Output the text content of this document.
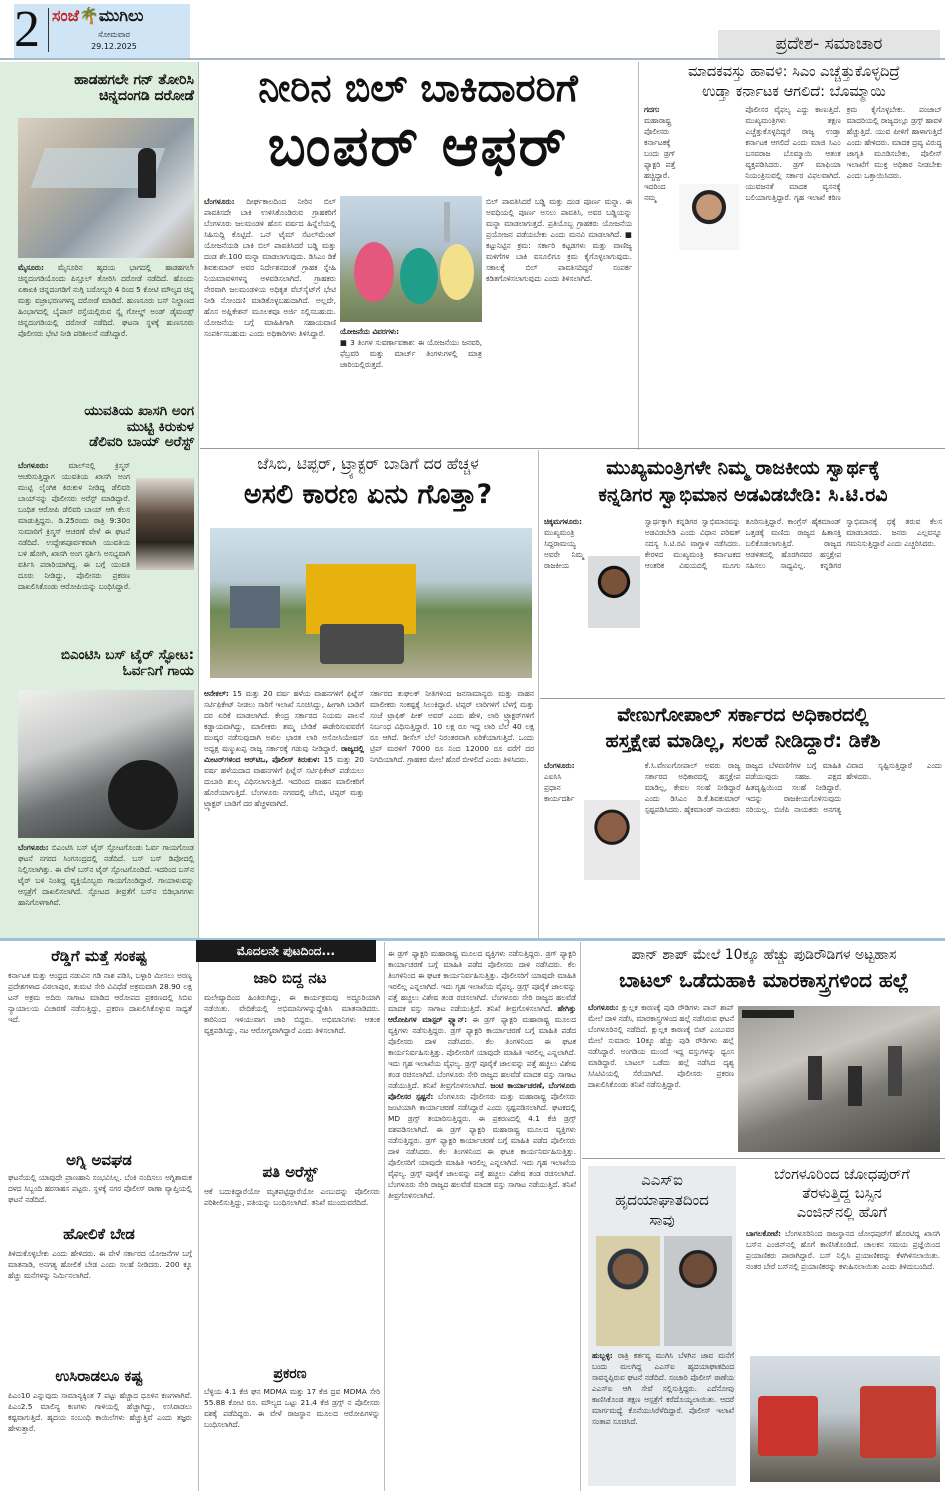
2 ಸಂಜೆ🌴ಮುಗಿಲು
ಸೋಮವಾರ
29.12.2025	ಪ್ರದೇಶ- ಸಮಾಚಾರ
ಹಾಡಹಗಲೇ ಗನ್ ತೋರಿಸಿ
ಚಿನ್ನದಂಗಡಿ ದರೋಡೆ
ಮೈಸೂರು: ಮೈಸೂರಿನ ಹೃದಯ ಭಾಗದಲ್ಲಿ ಹಾಡಹಗಲೇ ಚಿನ್ನದಂಗಡಿಯೊಂದು ಪಿಸ್ತೂಲ್ ತೋರಿಸಿ ದರೋಡೆ ನಡೆದಿದೆ. ಹೊಂದು ಏಕಾಏಕಿ ಚಿನ್ನದಂಗಡಿಗೆ ನುಗ್ಗಿ ಬರೋಬ್ಬರಿ 4 ರಿಂದ 5 ಕೋಟಿ ಮೌಲ್ಯದ ಚಿನ್ನ ಮತ್ತು ವಜ್ರಾಭರಣಗಳನ್ನ ದರೋಡೆ ಮಾಡಿದೆ. ಹುಣಸೂರು ಬಸ್ ನಿಲ್ದಾಣದ ಹಿಂಭಾಗದಲ್ಲಿ ಬೈಪಾಸ್ ರಸ್ತೆಯಲ್ಲಿರುವ ಸ್ಕೈ ಗೋಲ್ಡ್ ಅಂಡ್ ಡೈಮಂಡ್ಸ್ ಚಿನ್ನದಂಗಡಿಯಲ್ಲಿ ದರೋಡೆ ನಡೆದಿದೆ. ಘಟನಾ ಸ್ಥಳಕ್ಕೆ ಹುಣಸೂರು ಪೊಲೀಸರು ಭೇಟಿ ನೀಡಿ ಪರಿಶೀಲನೆ ನಡೆಸಿದ್ದಾರೆ.
ಯುವತಿಯ ಖಾಸಗಿ ಅಂಗ
ಮುಟ್ಟಿ ಕಿರುಕುಳ
ಡೆಲಿವರಿ ಬಾಯ್ ಅರೆಸ್ಟ್
ಬೆಂಗಳೂರು:	ಮಾಲ್‌ನಲ್ಲಿ ಕ್ರಿಸ್ಮಸ್ ಆಚರಿಸುತ್ತಿದ್ದಾಗ ಯುವತಿಯ ಖಾಸಗಿ ಅಂಗ ಮುಟ್ಟಿ ಲೈಂಗಿಕ ಕಿರುಕುಳ ನೀಡಿದ್ದ ಡೆಲಿವರಿ ಬಾಯ್‌ನನ್ನು ಪೊಲೀಸರು ಅರೆಸ್ಟ್ ಮಾಡಿದ್ದಾರೆ. ಬಂಧಿತ ಆರೋಪಿ ಡೆಲಿವರಿ ಬಾಯ್ ಆಗಿ ಕೆಲಸ ಮಾಡುತ್ತಿದ್ದನು. ಡಿ.25ರಂದು ರಾತ್ರಿ 9:30ರ ಸುಮಾರಿಗೆ ಕ್ರಿಸ್ಮಸ್ ಆಚರಣೆ ವೇಳೆ ಈ ಘಟನೆ ನಡೆದಿದೆ. ಉದ್ದೇಶಪೂರ್ವಕವಾಗಿ ಯುವತಿಯ ಬಳಿ ಹೋಗಿ, ಖಾಸಗಿ ಅಂಗ ಸ್ಪರ್ಶಿಸಿ ಅಸಭ್ಯವಾಗಿ ವರ್ತಿಸಿ ಪರಾರಿಯಾಗಿದ್ದ. ಈ ಬಗ್ಗೆ ಯುವತಿ ದೂರು ನೀಡಿದ್ದು, ಪೊಲೀಸರು ಪ್ರಕರಣ ದಾಖಲಿಸಿಕೊಂಡು ಆರೋಪಿಯನ್ನು ಬಂಧಿಸಿದ್ದಾರೆ.
ಬಿಎಂಟಿಸಿ ಬಸ್ ಟೈರ್ ಸ್ಫೋಟ:
ಓರ್ವನಿಗೆ ಗಾಯ
ಬೆಂಗಳೂರು: ಬಿಎಂಟಿಸಿ ಬಸ್ ಟೈರ್ ಸ್ಫೋಟಗೊಂಡು ಓರ್ವ ಗಾಯಗೊಂಡ ಘಟನೆ ನಗರದ ಸಿಂಗಸಂದ್ರದಲ್ಲಿ ನಡೆದಿದೆ. ಬಸ್ ಬಸ್ ಡಿಪೋದಲ್ಲಿ ನಿಲ್ಲಿಸಲಾಗಿತ್ತು. ಈ ವೇಳೆ ಬಸ್‌ನ ಟೈರ್ ಸ್ಫೋಟಗೊಂಡಿದೆ. ಇದರಿಂದ ಬಸ್‌ನ ಟೈರ್ ಬಳಿ ನಿಂತಿದ್ದ ವ್ಯಕ್ತಿಯೊಬ್ಬರು ಗಾಯಗೊಂಡಿದ್ದಾರೆ. ಗಾಯಾಳುವನ್ನು ಆಸ್ಪತ್ರೆಗೆ ದಾಖಲಿಸಲಾಗಿದೆ. ಸ್ಫೋಟದ ತೀವ್ರತೆಗೆ ಬಸ್‌ನ ಬಿಡಿಭಾಗಗಳು ಹಾನಿಗೊಳಗಾಗಿವೆ.
ನೀರಿನ ಬಿಲ್ ಬಾಕಿದಾರರಿಗೆ
ಬಂಪರ್ ಆಫರ್
ಬೆಂಗಳೂರು: ದೀರ್ಘಕಾಲದಿಂದ ನೀರಿನ ಬಿಲ್ ಪಾವತಿಸದೇ ಬಾಕಿ ಉಳಿಸಿಕೊಂಡಿರುವ ಗ್ರಾಹಕರಿಗೆ ಬೆಂಗಳೂರು ಜಲಮಂಡಳಿ ಹೊಸ ವರ್ಷದ ಹಿನ್ನೆಲೆಯಲ್ಲಿ ಸಿಹಿಸುದ್ದಿ ಕೊಟ್ಟಿದೆ. ಒನ್ ಟೈಮ್ ಸೆಟಲ್‌ಮೆಂಟ್ ಯೋಜನೆಯಡಿ ಬಾಕಿ ಬಿಲ್ ಪಾವತಿಸಿದರೆ ಬಡ್ಡಿ ಮತ್ತು ದಂಡ ಶೇ.100 ಮನ್ನಾ ಮಾಡಲಾಗುವುದು. ಡಿಸಿಎಂ ಡಿಕೆ ಶಿವಕುಮಾರ್ ಅವರ ನಿರ್ದೇಶನದಂತೆ ಗ್ರಾಹಕ ಸ್ನೇಹಿ ನಿಯಮಾವಳಿಗಳನ್ನ ಅಳವಡಿಸಲಾಗಿದೆ. ಗ್ರಾಹಕರು ನೇರವಾಗಿ ಜಲಮಂಡಳಿಯ ಅಧಿಕೃತ ವೆಬ್‌ಸೈಟ್‌ಗೆ ಭೇಟಿ ನೀಡಿ ನೋಂದಣಿ ಮಾಡಿಕೊಳ್ಳಬಹುದಾಗಿದೆ. ಅಲ್ಲದೇ, ಹೊಸ ಅಪ್ಲಿಕೇಶನ್ ಮೂಲಕವೂ ಅರ್ಜಿ ಸಲ್ಲಿಸಬಹುದು. ಯೋಜನೆಯ ಬಗ್ಗೆ ಮಾಹಿತಿಗಾಗಿ ಸಹಾಯವಾಣಿ ಸಂಪರ್ಕಿಸಬಹುದು ಎಂದು ಅಧಿಕಾರಿಗಳು ತಿಳಿಸಿದ್ದಾರೆ.	ಯೋಜನೆಯ ವಿವರಗಳು:
■ 3 ತಿಂಗಳ ಸುವರ್ಣಾವಕಾಶ: ಈ ಯೋಜನೆಯು ಜನವರಿ, ಫೆಬ್ರವರಿ ಮತ್ತು ಮಾರ್ಚ್ ತಿಂಗಳುಗಳಲ್ಲಿ ಮಾತ್ರ ಜಾರಿಯಲ್ಲಿರುತ್ತದೆ.
ಬಿಲ್ ಪಾವತಿಸಿದರೆ ಬಡ್ಡಿ ಮತ್ತು ದಂಡ ಪೂರ್ಣ ಮನ್ನಾ. ಈ ಅವಧಿಯಲ್ಲಿ ಪೂರ್ಣ ಅಸಲು ಪಾವತಿಸಿ, ಅವರ ಬಡ್ಡಿಯನ್ನು ಮನ್ನಾ ಮಾಡಲಾಗುತ್ತದೆ. ಪ್ರತಿಯೊಬ್ಬ ಗ್ರಾಹಕರು ಯೋಜನೆಯ ಪ್ರಯೋಜನ ಪಡೆಯಬೇಕು ಎಂದು ಮನವಿ ಮಾಡಲಾಗಿದೆ. ■ ಕಟ್ಟುನಿಟ್ಟಿನ ಕ್ರಮ: ಸರ್ಕಾರಿ ಕಟ್ಟಡಗಳು ಮತ್ತು ವಾಣಿಜ್ಯ ಮಳಿಗೆಗಳ ಬಾಕಿ ವಸೂಲಿಗೂ ಕ್ರಮ ಕೈಗೊಳ್ಳಲಾಗುವುದು. ಸಕಾಲಕ್ಕೆ ಬಿಲ್ ಪಾವತಿಸದಿದ್ದರೆ ಸಂಪರ್ಕ ಕಡಿತಗೊಳಿಸಲಾಗುವುದು ಎಂದು ತಿಳಿಸಲಾಗಿದೆ.
ಮಾದಕವಸ್ತು ಹಾವಳಿ: ಸಿಎಂ ಎಚ್ಚೆತ್ತುಕೊಳ್ಳದಿದ್ರೆ
ಉಡ್ತಾ ಕರ್ನಾಟಕ ಆಗಲಿದೆ: ಬೊಮ್ಮಾಯಿ
ಗದಗ: ಮಹಾರಾಷ್ಟ್ರ ಪೊಲೀಸರು ಕರ್ನಾಟಕಕ್ಕೆ ಬಂದು ಡ್ರಗ್ ಫ್ಯಾಕ್ಟರಿ ಪತ್ತೆ ಹಚ್ಚಿದ್ದಾರೆ. ಇದರಿಂದ ನಮ್ಮ ಪೊಲೀಸರ ವೈಫಲ್ಯ ಎದ್ದು ಕಾಣುತ್ತಿದೆ. ಮುಖ್ಯಮಂತ್ರಿಗಳು ತಕ್ಷಣ ಎಚ್ಚೆತ್ತುಕೊಳ್ಳದಿದ್ದರೆ ರಾಜ್ಯ ಉಡ್ತಾ ಕರ್ನಾಟಕ ಆಗಲಿದೆ ಎಂದು ಮಾಜಿ ಸಿಎಂ ಬಸವರಾಜ ಬೊಮ್ಮಾಯಿ ಆತಂಕ ವ್ಯಕ್ತಪಡಿಸಿದರು. ಡ್ರಗ್ ಮಾಫಿಯಾ ನಿಯಂತ್ರಿಸುವಲ್ಲಿ ಸರ್ಕಾರ ವಿಫಲವಾಗಿದೆ. ಯುವಜನತೆ ಮಾದಕ ವ್ಯಸನಕ್ಕೆ ಬಲಿಯಾಗುತ್ತಿದ್ದಾರೆ. ಗೃಹ ಇಲಾಖೆ ಕಠಿಣ ಕ್ರಮ ಕೈಗೊಳ್ಳಬೇಕು. ಪಂಜಾಬ್ ಮಾದರಿಯಲ್ಲಿ ರಾಜ್ಯದಲ್ಲೂ ಡ್ರಗ್ಸ್ ಹಾವಳಿ ಹೆಚ್ಚುತ್ತಿದೆ. ಯುವ ಪೀಳಿಗೆ ಹಾಳಾಗುತ್ತಿದೆ ಎಂದು ಹೇಳಿದರು. ಮಾದಕ ದ್ರವ್ಯ ವಿರುದ್ಧ ಜಾಗೃತಿ ಮೂಡಿಸಬೇಕು, ಪೊಲೀಸ್ ಇಲಾಖೆಗೆ ಮುಕ್ತ ಅಧಿಕಾರ ನೀಡಬೇಕು ಎಂದು ಒತ್ತಾಯಿಸಿದರು.
ಜೆಸಿಬಿ, ಟಿಪ್ಪರ್, ಟ್ರ್ಯಾಕ್ಟರ್ ಬಾಡಿಗೆ ದರ ಹೆಚ್ಚಳ
ಅಸಲಿ ಕಾರಣ ಏನು ಗೊತ್ತಾ?
ಆನೇಕಲ್: 15 ಮತ್ತು 20 ವರ್ಷ ಹಳೆಯ ವಾಹನಗಳಿಗೆ ಫಿಟ್ನೆಸ್ ಸರ್ಟಿಫಿಕೇಟ್ ನೀಡಲು ಸಾರಿಗೆ ಇಲಾಖೆ ಸೂಚಿಸಿದ್ದು, ಹೀಗಾಗಿ ಬಾಡಿಗೆ ದರ ಏರಿಕೆ ಮಾಡಲಾಗಿದೆ. ಕೇಂದ್ರ ಸರ್ಕಾರದ ನಿಯಮ ಪಾಲನೆ ಕಡ್ಡಾಯವಾಗಿದ್ದು, ಮಾಲೀಕರು ತಮ್ಮ ಬೇಡಿಕೆ ಈಡೇರಿಸುವವರೆಗೆ ಮುಷ್ಕರ ನಡೆಸುವುದಾಗಿ ಅಖಿಲ ಭಾರತ ಲಾರಿ ಅಸೋಸಿಯೇಷನ್ ಅಧ್ಯಕ್ಷ ಷಣ್ಮುಖಪ್ಪ ರಾಜ್ಯ ಸರ್ಕಾರಕ್ಕೆ ಗಡುವು ನೀಡಿದ್ದಾರೆ. ರಾಜ್ಯದಲ್ಲಿ ಮೀಟರ್‌ಗಳಿಂದ ಆರ್‌ಟಿಒ, ಪೊಲೀಸ್ ಕಿರುಕುಳ: 15 ಮತ್ತು 20 ವರ್ಷ ಹಳೆಯದಾದ ವಾಹನಗಳಿಗೆ ಫಿಟ್ನೆಸ್ ಸರ್ಟಿಫಿಕೇಟ್ ಪಡೆಯಲು ದುಬಾರಿ ಶುಲ್ಕ ವಿಧಿಸಲಾಗುತ್ತಿದೆ. ಇದರಿಂದ ವಾಹನ ಮಾಲೀಕರಿಗೆ ಹೊರೆಯಾಗುತ್ತಿದೆ. ಬೆಂಗಳೂರು ನಗರದಲ್ಲಿ ಜೆಸಿಬಿ, ಟಿಪ್ಪರ್ ಮತ್ತು ಟ್ರ್ಯಾಕ್ಟರ್ ಬಾಡಿಗೆ ದರ ಹೆಚ್ಚಳವಾಗಿದೆ.
ಸರ್ಕಾರದ ತುಘಲಕ್ ನೀತಿಗಳಿಂದ ಜನಸಾಮಾನ್ಯರು ಮತ್ತು ವಾಹನ ಮಾಲೀಕರು ಸಂಕಷ್ಟಕ್ಕೆ ಸಿಲುಕಿದ್ದಾರೆ. ಟಿಪ್ಪರ್ ಲಾರಿಗಳಿಗೆ ಬೆಳಗ್ಗೆ ಮತ್ತು ಸಂಜೆ ಟ್ರಾಫಿಕ್ ಪೀಕ್ ಅವರ್ ಎಂದು ಹೇಳಿ, ಲಾರಿ ಟ್ರ್ಯಾಕ್ಟರ್‌ಗಳಿಗೆ ನಿರ್ಬಂಧ ವಿಧಿಸುತ್ತಿದ್ದಾರೆ. 10 ಲಕ್ಷ ರೂ ಇದ್ದ ಲಾರಿ ಬೆಲೆ 40 ಲಕ್ಷ ರೂ ಆಗಿದೆ. ಡೀಸೆಲ್ ಬೆಲೆ ನಿರಂತರವಾಗಿ ಏರಿಕೆಯಾಗುತ್ತಿದೆ. ಒಂದು ಟ್ರಿಪ್ ಮರಳಿಗೆ 7000 ರೂ ನಿಂದ 12000 ರೂ ವರೆಗೆ ದರ ನಿಗದಿಯಾಗಿದೆ. ಗ್ರಾಹಕರ ಮೇಲೆ ಹೊರೆ ಬೀಳಲಿದೆ ಎಂದು ತಿಳಿಸಿದರು.
ಮುಖ್ಯಮಂತ್ರಿಗಳೇ ನಿಮ್ಮ ರಾಜಕೀಯ ಸ್ವಾರ್ಥಕ್ಕೆ
ಕನ್ನಡಿಗರ ಸ್ವಾಭಿಮಾನ ಅಡವಿಡಬೇಡಿ: ಸಿ.ಟಿ.ರವಿ
ಚಿಕ್ಕಮಗಳೂರು: ಮುಖ್ಯಮಂತ್ರಿ ಸಿದ್ದರಾಮಯ್ಯ ಅವರೇ ನಿಮ್ಮ ರಾಜಕೀಯ ಸ್ವಾರ್ಥಕ್ಕಾಗಿ ಕನ್ನಡಿಗರ ಸ್ವಾಭಿಮಾನವನ್ನು ಅಡವಿಡಬೇಡಿ ಎಂದು ವಿಧಾನ ಪರಿಷತ್ ಸದಸ್ಯ ಸಿ.ಟಿ.ರವಿ ವಾಗ್ದಾಳಿ ನಡೆಸಿದರು. ಕೇರಳದ ಮುಖ್ಯಮಂತ್ರಿ ಕರ್ನಾಟಕದ ಆಂತರಿಕ ವಿಷಯದಲ್ಲಿ ಮೂಗು ತೂರಿಸುತ್ತಿದ್ದಾರೆ. ಕಾಂಗ್ರೆಸ್ ಹೈಕಮಾಂಡ್ ಒತ್ತಡಕ್ಕೆ ಮಣಿದು ರಾಜ್ಯದ ಹಿತಾಸಕ್ತಿ ಬಲಿಕೊಡಲಾಗುತ್ತಿದೆ. ರಾಜ್ಯದ ಆಡಳಿತದಲ್ಲಿ ಹೊರಗಿನವರ ಹಸ್ತಕ್ಷೇಪ ಸಹಿಸಲು ಸಾಧ್ಯವಿಲ್ಲ. ಕನ್ನಡಿಗರ ಸ್ವಾಭಿಮಾನಕ್ಕೆ ಧಕ್ಕೆ ತರುವ ಕೆಲಸ ಮಾಡಬಾರದು. ಜನರು ಎಲ್ಲವನ್ನೂ ಗಮನಿಸುತ್ತಿದ್ದಾರೆ ಎಂದು ಎಚ್ಚರಿಸಿದರು.
ವೇಣುಗೋಪಾಲ್ ಸರ್ಕಾರದ ಅಧಿಕಾರದಲ್ಲಿ
ಹಸ್ತಕ್ಷೇಪ ಮಾಡಿಲ್ಲ, ಸಲಹೆ ನೀಡಿದ್ದಾರೆ: ಡಿಕೆಶಿ
ಬೆಂಗಳೂರು: ಎಐಸಿಸಿ ಪ್ರಧಾನ ಕಾರ್ಯದರ್ಶಿ ಕೆ.ಸಿ.ವೇಣುಗೋಪಾಲ್ ಅವರು ರಾಜ್ಯ ಸರ್ಕಾರದ ಅಧಿಕಾರದಲ್ಲಿ ಹಸ್ತಕ್ಷೇಪ ಮಾಡಿಲ್ಲ, ಕೇವಲ ಸಲಹೆ ನೀಡಿದ್ದಾರೆ ಎಂದು ಡಿಸಿಎಂ ಡಿ.ಕೆ.ಶಿವಕುಮಾರ್ ಸ್ಪಷ್ಟಪಡಿಸಿದರು. ಹೈಕಮಾಂಡ್ ನಾಯಕರು ರಾಜ್ಯದ ಬೆಳವಣಿಗೆಗಳ ಬಗ್ಗೆ ಮಾಹಿತಿ ಪಡೆಯುವುದು ಸಹಜ. ಪಕ್ಷದ ಹಿತದೃಷ್ಟಿಯಿಂದ ಸಲಹೆ ನೀಡಿದ್ದಾರೆ. ಇದನ್ನು ರಾಜಕೀಯಗೊಳಿಸುವುದು ಸರಿಯಲ್ಲ. ಬಿಜೆಪಿ ನಾಯಕರು ಅನಗತ್ಯ ವಿವಾದ ಸೃಷ್ಟಿಸುತ್ತಿದ್ದಾರೆ ಎಂದು ಹೇಳಿದರು.
ರೆಡ್ಡಿಗೆ ಮತ್ತೆ ಸಂಕಷ್ಟ
ಕರ್ನಾಟಕ ಮತ್ತು ಆಂಧ್ರದ ನಡುವಿನ ಗಡಿ ನಾಶ ಪಡಿಸಿ, ಬಳ್ಳಾರಿ ಮೀಸಲು ಅರಣ್ಯ ಪ್ರದೇಶಗಳಾದ ವಿಠಲಾಪುರ, ತುಮಟಿ ಸೇರಿ ವಿವಿಧೆಡೆ ಅಕ್ರಮವಾಗಿ 28.90 ಲಕ್ಷ ಟನ್ ಅಕ್ರಮ ಅದಿರು ಸಾಗಾಟ ಮಾಡಿದ ಆರೋಪದ ಪ್ರಕರಣದಲ್ಲಿ ಸಿಬಿಐ ನ್ಯಾಯಾಲಯ ವಿಚಾರಣೆ ನಡೆಸುತ್ತಿದ್ದು, ಪ್ರಕರಣ ದಾಖಲಿಸಿಕೊಳ್ಳುವ ಸಾಧ್ಯತೆ ಇದೆ.
ಅಗ್ನಿ ಅವಘಡ
ಘಟನೆಯಲ್ಲಿ ಯಾವುದೇ ಪ್ರಾಣಹಾನಿ ಸಂಭವಿಸಿಲ್ಲ. ಬೆಂಕಿ ನಂದಿಸಲು ಅಗ್ನಿಶಾಮಕ ದಳದ ಸಿಬ್ಬಂದಿ ಹರಸಾಹಸ ಪಟ್ಟರು. ಸ್ಥಳಕ್ಕೆ ನಗರ ಪೊಲೀಸ್ ಠಾಣಾ ವ್ಯಾಪ್ತಿಯಲ್ಲಿ ಘಟನೆ ನಡೆದಿದೆ.
ಹೋಲಿಕೆ ಬೇಡ
ತಿಳಿದುಕೊಳ್ಳಬೇಕು ಎಂದು ಹೇಳಿದರು. ಈ ವೇಳೆ ಸರ್ಕಾರದ ಯೋಜನೆಗಳ ಬಗ್ಗೆ ಮಾತನಾಡಿ, ಅನಗತ್ಯ ಹೋಲಿಕೆ ಬೇಡ ಎಂದು ಸಲಹೆ ನೀಡಿದರು. 200 ಕ್ಕೂ ಹೆಚ್ಚು ಮನೆಗಳನ್ನು ನಿರ್ಮಿಸಲಾಗಿದೆ.
ಉಸಿರಾಡಲೂ ಕಷ್ಟ
ಪಿಎಂ10 ಎನ್ನುವುದು ಸಾಮಾನ್ಯಕ್ಕಿಂತ 7 ಪಟ್ಟು ಹೆಚ್ಚಾದ ಧೂಳಿನ ಕಣಗಳಾಗಿವೆ. ಪಿಎಂ2.5 ಮಾಲಿನ್ಯ ಕಣಗಳು ಗಾಳಿಯಲ್ಲಿ ಹೆಚ್ಚಾಗಿದ್ದು, ಉಸಿರಾಡಲು ಕಷ್ಟವಾಗುತ್ತಿದೆ. ಹೃದಯ ಸಂಬಂಧಿ ಕಾಯಿಲೆಗಳು ಹೆಚ್ಚುತ್ತಿವೆ ಎಂದು ತಜ್ಞರು ಹೇಳುತ್ತಾರೆ.
ಮೊದಲನೇ ಪುಟದಿಂದ...
ಜಾರಿ ಬಿದ್ದ ನಟ
ಮಲೇಷ್ಯಾದಿಂದ ಹಿಂತಿರುಗಿದ್ದು, ಈ ಕಾರ್ಯಕ್ರಮವು ಅದ್ದೂರಿಯಾಗಿ ನಡೆಯಿತು. ವೇದಿಕೆಯಲ್ಲಿ ಅಭಿಮಾನಿಗಳನ್ನುದ್ದೇಶಿಸಿ ಮಾತನಾಡಿದರು. ಕಾರಿನಿಂದ ಇಳಿಯುವಾಗ ಜಾರಿ ಬಿದ್ದರು. ಅಭಿಮಾನಿಗಳು ಆತಂಕ ವ್ಯಕ್ತಪಡಿಸಿದ್ದು, ನಟ ಆರೋಗ್ಯವಾಗಿದ್ದಾರೆ ಎಂದು ತಿಳಿಸಲಾಗಿದೆ.
ಪತಿ ಅರೆಸ್ಟ್
ಆಕೆ ಬದುಕಿದ್ದಾರೆಯೋ ಮೃತಪಟ್ಟಿದ್ದಾರೆಯೋ ಎಂಬುದನ್ನು ಪೊಲೀಸರು ಪರಿಶೀಲಿಸುತ್ತಿದ್ದು, ಪತಿಯನ್ನು ಬಂಧಿಸಲಾಗಿದೆ. ತನಿಖೆ ಮುಂದುವರೆದಿದೆ.
ಪ್ರಕರಣ
ಬೆಳ್ಳಿಯ 4.1 ಕೆಜಿ ಘನ MDMA ಮತ್ತು 17 ಕೆಜಿ ದ್ರವ MDMA ಸೇರಿ 55.88 ಕೋಟಿ ರೂ. ಮೌಲ್ಯದ ಒಟ್ಟು 21.4 ಕೆಜಿ ಡ್ರಗ್ಸ್ ನ ಪೊಲೀಸರು ವಶಕ್ಕೆ ಪಡೆದಿದ್ದರು. ಈ ವೇಳೆ ರಾಜಸ್ಥಾನ ಮೂಲದ ಆರೋಪಿಗಳನ್ನು ಬಂಧಿಸಲಾಗಿದೆ.
ಈ ಡ್ರಗ್ ಫ್ಯಾಕ್ಟರಿ ಮಹಾರಾಷ್ಟ್ರ ಮೂಲದ ವ್ಯಕ್ತಿಗಳು ನಡೆಸುತ್ತಿದ್ದರು. ಡ್ರಗ್ ಫ್ಯಾಕ್ಟರಿ ಕಾರ್ಯಾಚರಣೆ ಬಗ್ಗೆ ಮಾಹಿತಿ ಪಡೆದ ಪೊಲೀಸರು ದಾಳಿ ನಡೆಸಿದರು. ಕೆಲ ತಿಂಗಳಿನಿಂದ ಈ ಘಟಕ ಕಾರ್ಯನಿರ್ವಹಿಸುತ್ತಿತ್ತು. ಪೊಲೀಸರಿಗೆ ಯಾವುದೇ ಮಾಹಿತಿ ಇರಲಿಲ್ಲ ಎನ್ನಲಾಗಿದೆ. ಇದು ಗೃಹ ಇಲಾಖೆಯ ವೈಫಲ್ಯ. ಡ್ರಗ್ಸ್ ಪೂರೈಕೆ ಜಾಲವನ್ನು ಪತ್ತೆ ಹಚ್ಚಲು ವಿಶೇಷ ತಂಡ ರಚಿಸಲಾಗಿದೆ. ಬೆಂಗಳೂರು ಸೇರಿ ರಾಜ್ಯದ ಹಲವೆಡೆ ಮಾದಕ ವಸ್ತು ಸಾಗಾಟ ನಡೆಯುತ್ತಿದೆ. ತನಿಖೆ ತೀವ್ರಗೊಳಿಸಲಾಗಿದೆ. ಹೇಗಿತ್ತು ಆರೋಪಿಗಳ ಮಾಸ್ಟರ್ ಪ್ಲ್ಯಾನ್: ಈ ಡ್ರಗ್ ಫ್ಯಾಕ್ಟರಿ ಮಹಾರಾಷ್ಟ್ರ ಮೂಲದ ವ್ಯಕ್ತಿಗಳು ನಡೆಸುತ್ತಿದ್ದರು. ಡ್ರಗ್ ಫ್ಯಾಕ್ಟರಿ ಕಾರ್ಯಾಚರಣೆ ಬಗ್ಗೆ ಮಾಹಿತಿ ಪಡೆದ ಪೊಲೀಸರು ದಾಳಿ ನಡೆಸಿದರು. ಕೆಲ ತಿಂಗಳಿನಿಂದ ಈ ಘಟಕ ಕಾರ್ಯನಿರ್ವಹಿಸುತ್ತಿತ್ತು. ಪೊಲೀಸರಿಗೆ ಯಾವುದೇ ಮಾಹಿತಿ ಇರಲಿಲ್ಲ ಎನ್ನಲಾಗಿದೆ. ಇದು ಗೃಹ ಇಲಾಖೆಯ ವೈಫಲ್ಯ. ಡ್ರಗ್ಸ್ ಪೂರೈಕೆ ಜಾಲವನ್ನು ಪತ್ತೆ ಹಚ್ಚಲು ವಿಶೇಷ ತಂಡ ರಚಿಸಲಾಗಿದೆ. ಬೆಂಗಳೂರು ಸೇರಿ ರಾಜ್ಯದ ಹಲವೆಡೆ ಮಾದಕ ವಸ್ತು ಸಾಗಾಟ ನಡೆಯುತ್ತಿದೆ. ತನಿಖೆ ತೀವ್ರಗೊಳಿಸಲಾಗಿದೆ. ಜಂಟಿ ಕಾರ್ಯಾಚರಣೆ, ಬೆಂಗಳೂರು ಪೊಲೀಸರ ಸ್ಪಷ್ಟನೆ: ಬೆಂಗಳೂರು ಪೊಲೀಸರು ಮತ್ತು ಮಹಾರಾಷ್ಟ್ರ ಪೊಲೀಸರು ಜಂಟಿಯಾಗಿ ಕಾರ್ಯಾಚರಣೆ ನಡೆಸಿದ್ದಾರೆ ಎಂದು ಸ್ಪಷ್ಟಪಡಿಸಲಾಗಿದೆ. ಘಟಕದಲ್ಲಿ MD ಡ್ರಗ್ಸ್ ತಯಾರಿಸುತ್ತಿದ್ದರು. ಈ ಪ್ರಕರಣದಲ್ಲಿ 4.1 ಕೆಜಿ ಡ್ರಗ್ಸ್ ವಶಪಡಿಸಲಾಗಿದೆ. ಈ ಡ್ರಗ್ ಫ್ಯಾಕ್ಟರಿ ಮಹಾರಾಷ್ಟ್ರ ಮೂಲದ ವ್ಯಕ್ತಿಗಳು ನಡೆಸುತ್ತಿದ್ದರು. ಡ್ರಗ್ ಫ್ಯಾಕ್ಟರಿ ಕಾರ್ಯಾಚರಣೆ ಬಗ್ಗೆ ಮಾಹಿತಿ ಪಡೆದ ಪೊಲೀಸರು ದಾಳಿ ನಡೆಸಿದರು. ಕೆಲ ತಿಂಗಳಿನಿಂದ ಈ ಘಟಕ ಕಾರ್ಯನಿರ್ವಹಿಸುತ್ತಿತ್ತು. ಪೊಲೀಸರಿಗೆ ಯಾವುದೇ ಮಾಹಿತಿ ಇರಲಿಲ್ಲ ಎನ್ನಲಾಗಿದೆ. ಇದು ಗೃಹ ಇಲಾಖೆಯ ವೈಫಲ್ಯ. ಡ್ರಗ್ಸ್ ಪೂರೈಕೆ ಜಾಲವನ್ನು ಪತ್ತೆ ಹಚ್ಚಲು ವಿಶೇಷ ತಂಡ ರಚಿಸಲಾಗಿದೆ. ಬೆಂಗಳೂರು ಸೇರಿ ರಾಜ್ಯದ ಹಲವೆಡೆ ಮಾದಕ ವಸ್ತು ಸಾಗಾಟ ನಡೆಯುತ್ತಿದೆ. ತನಿಖೆ ತೀವ್ರಗೊಳಿಸಲಾಗಿದೆ.
ಪಾನ್ ಶಾಪ್ ಮೇಲೆ 10ಕ್ಕೂ ಹೆಚ್ಚು ಪುಡಿರೌಡಿಗಳ ಅಟ್ಟಹಾಸ
ಬಾಟಲ್ ಒಡೆದುಹಾಕಿ ಮಾರಕಾಸ್ತ್ರಗಳಿಂದ ಹಲ್ಲೆ
ಬೆಂಗಳೂರು: ಕ್ಷುಲ್ಲಕ ಕಾರಣಕ್ಕೆ ಪುಡಿ ರೌಡಿಗಳು ಪಾನ್ ಶಾಪ್ ಮೇಲೆ ದಾಳಿ ನಡೆಸಿ, ಮಾರಕಾಸ್ತ್ರಗಳಿಂದ ಹಲ್ಲೆ ನಡೆಸಿರುವ ಘಟನೆ ಬೆಂಗಳೂರಿನಲ್ಲಿ ನಡೆದಿದೆ. ಕ್ಷುಲ್ಲಕ ಕಾರಣಕ್ಕೆ ಬಿಟ್ ಎಂಬುವರ ಮೇಲೆ ಸುಮಾರು 10ಕ್ಕೂ ಹೆಚ್ಚು ಪುಡಿ ರೌಡಿಗಳು ಹಲ್ಲೆ ನಡೆಸಿದ್ದಾರೆ. ಅಂಗಡಿಯ ಮುಂದೆ ಇದ್ದ ವಸ್ತುಗಳನ್ನು ಧ್ವಂಸ ಮಾಡಿದ್ದಾರೆ. ಬಾಟಲ್ ಒಡೆದು ಹಲ್ಲೆ ನಡೆಸಿದ ದೃಶ್ಯ ಸಿಸಿಟಿವಿಯಲ್ಲಿ ಸೆರೆಯಾಗಿದೆ. ಪೊಲೀಸರು ಪ್ರಕರಣ ದಾಖಲಿಸಿಕೊಂಡು ತನಿಖೆ ನಡೆಸುತ್ತಿದ್ದಾರೆ.
ಎಎಸ್‌ಐ
ಹೃದಯಾಘಾತದಿಂದ
ಸಾವು
ಹುಬ್ಬಳ್ಳಿ: ರಾತ್ರಿ ಕರ್ತವ್ಯ ಮುಗಿಸಿ ಬೆಳಗಿನ ಜಾವ ಮನೆಗೆ ಬಂದು ಮಲಗಿದ್ದ ಎಎಸ್‌ಐ ಹೃದಯಾಘಾತದಿಂದ ಸಾವನ್ನಪ್ಪಿರುವ ಘಟನೆ ನಡೆದಿದೆ. ಸಂಚಾರಿ ಪೊಲೀಸ್ ಠಾಣೆಯ ಎಎಸ್‌ಐ ಆಗಿ ಸೇವೆ ಸಲ್ಲಿಸುತ್ತಿದ್ದರು. ಎದೆನೋವು ಕಾಣಿಸಿಕೊಂಡ ತಕ್ಷಣ ಆಸ್ಪತ್ರೆಗೆ ಕರೆದೊಯ್ಯಲಾಯಿತು. ಆದರೆ ಮಾರ್ಗಮಧ್ಯೆ ಕೊನೆಯುಸಿರೆಳೆದಿದ್ದಾರೆ. ಪೊಲೀಸ್ ಇಲಾಖೆ ಸಂತಾಪ ಸೂಚಿಸಿದೆ.
ಬೆಂಗಳೂರಿಂದ ಜೋಧಪುರ್‌ಗೆ
ತೆರಳುತ್ತಿದ್ದ ಬಸ್ಸಿನ
ಎಂಜಿನ್‌ನಲ್ಲಿ ಹೊಗೆ
ಬಾಗಲಕೋಟೆ: ಬೆಂಗಳೂರಿನಿಂದ ರಾಜಸ್ಥಾನದ ಜೋಧಪುರ್‌ಗೆ ಹೊರಟಿದ್ದ ಖಾಸಗಿ ಬಸ್‌ನ ಎಂಜಿನ್‌ನಲ್ಲಿ ಹೊಗೆ ಕಾಣಿಸಿಕೊಂಡಿದೆ. ಚಾಲಕನ ಸಮಯ ಪ್ರಜ್ಞೆಯಿಂದ ಪ್ರಯಾಣಿಕರು ಪಾರಾಗಿದ್ದಾರೆ. ಬಸ್ ನಿಲ್ಲಿಸಿ ಪ್ರಯಾಣಿಕರನ್ನು ಕೆಳಗಿಳಿಸಲಾಯಿತು. ನಂತರ ಬೇರೆ ಬಸ್‌ನಲ್ಲಿ ಪ್ರಯಾಣಿಕರನ್ನು ಕಳುಹಿಸಲಾಯಿತು ಎಂದು ತಿಳಿದುಬಂದಿದೆ.
